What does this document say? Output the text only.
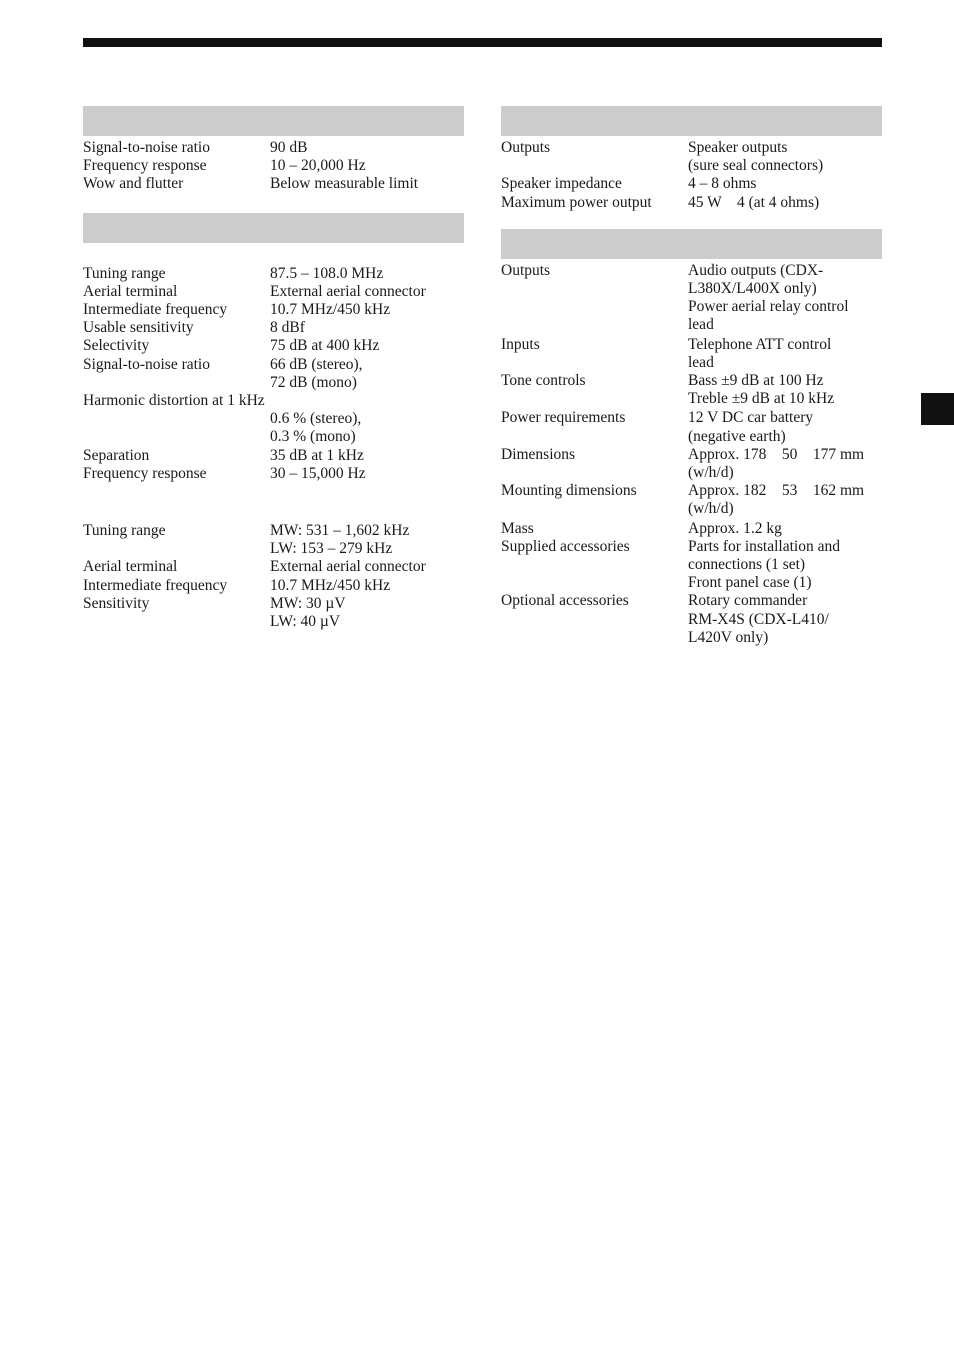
Signal-to-noise ratio	90 dB
Frequency response	10 – 20,000 Hz
Wow and flutter	Below measurable limit
Tuning range	87.5 – 108.0 MHz
Aerial terminal	External aerial connector
Intermediate frequency	10.7 MHz/450 kHz
Usable sensitivity	8 dBf
Selectivity	75 dB at 400 kHz
Signal-to-noise ratio	66 dB (stereo),
72 dB (mono)
Harmonic distortion at 1 kHz
0.6 % (stereo),
0.3 % (mono)
Separation	35 dB at 1 kHz
Frequency response	30 – 15,000 Hz
Tuning range	MW: 531 – 1,602 kHz
LW: 153 – 279 kHz
Aerial terminal	External aerial connector
Intermediate frequency	10.7 MHz/450 kHz
Sensitivity	MW: 30 µV
LW: 40 µV
Outputs	Speaker outputs
(sure seal connectors)
Speaker impedance	4 – 8 ohms
Maximum power output	45 W    4 (at 4 ohms)
Outputs	Audio outputs (CDX-
L380X/L400X only)
Power aerial relay control
lead
Inputs	Telephone ATT control
lead
Tone controls	Bass ±9 dB at 100 Hz
Treble ±9 dB at 10 kHz
Power requirements	12 V DC car battery
(negative earth)
Dimensions	Approx. 178    50    177 mm
(w/h/d)
Mounting dimensions	Approx. 182    53    162 mm
(w/h/d)
Mass	Approx. 1.2 kg
Supplied accessories	Parts for installation and
connections (1 set)
Front panel case (1)
Optional accessories	Rotary commander
RM-X4S (CDX-L410/
L420V only)
